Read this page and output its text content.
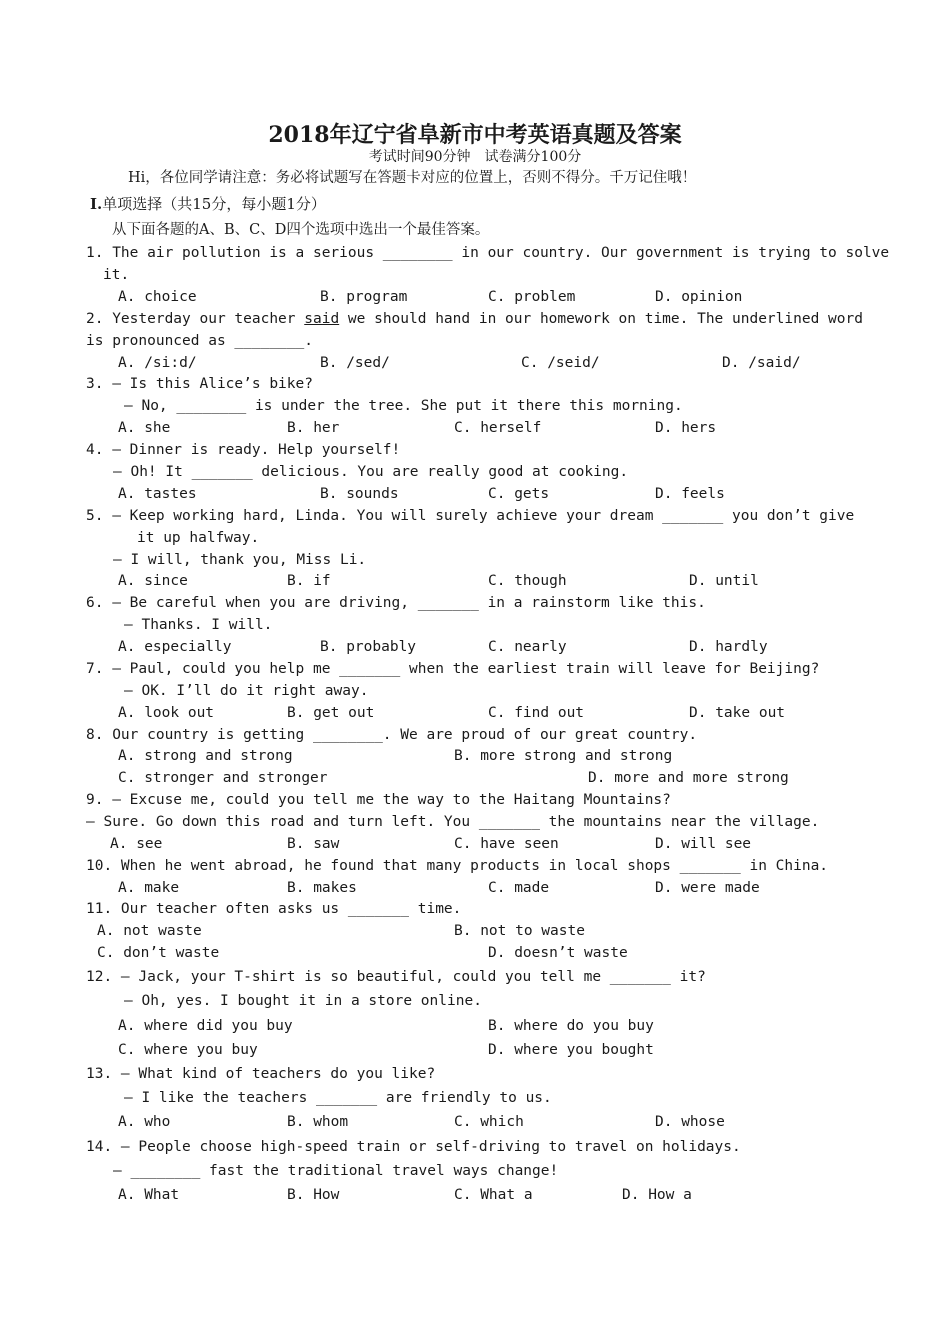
2018年辽宁省阜新市中考英语真题及答案
考试时间90分钟　试卷满分100分
Hi，各位同学请注意：务必将试题写在答题卡对应的位置上，否则不得分。千万记住哦！
Ⅰ.单项选择（共15分，每小题1分）
从下面各题的A、B、C、D四个选项中选出一个最佳答案。
1. The air pollution is a serious ________ in our country. Our government is trying to solve
it.
A. choice	B. program	C. problem	D. opinion
2. Yesterday our teacher said we should hand in our homework on time. The underlined word
is pronounced as ________.
A. /si:d/	B. /sed/	C. /seid/	D. /said/
3. – Is this Alice’s bike?
– No, ________ is under the tree. She put it there this morning.
A. she	B. her	C. herself	D. hers
4. – Dinner is ready. Help yourself!
– Oh! It _______ delicious. You are really good at cooking.
A. tastes	B. sounds	C. gets	D. feels
5. – Keep working hard, Linda. You will surely achieve your dream _______ you don’t give
it up halfway.
– I will, thank you, Miss Li.
A. since	B. if	C. though	D. until
6. – Be careful when you are driving, _______ in a rainstorm like this.
– Thanks. I will.
A. especially	B. probably	C. nearly	D. hardly
7. – Paul, could you help me _______ when the earliest train will leave for Beijing?
– OK. I’ll do it right away.
A. look out	B. get out	C. find out	D. take out
8. Our country is getting ________. We are proud of our great country.
A. strong and strong	B. more strong and strong
C. stronger and stronger	D. more and more strong
9. – Excuse me, could you tell me the way to the Haitang Mountains?
– Sure. Go down this road and turn left. You _______ the mountains near the village.
A. see	B. saw	C. have seen	D. will see
10. When he went abroad, he found that many products in local shops _______ in China.
A. make	B. makes	C. made	D. were made
11. Our teacher often asks us _______ time.
A. not waste	B. not to waste
C. don’t waste	D. doesn’t waste
12. – Jack, your T-shirt is so beautiful, could you tell me _______ it?
– Oh, yes. I bought it in a store online.
A. where did you buy	B. where do you buy
C. where you buy	D. where you bought
13. – What kind of teachers do you like?
– I like the teachers _______ are friendly to us.
A. who	B. whom	C. which	D. whose
14. – People choose high-speed train or self-driving to travel on holidays.
– ________ fast the traditional travel ways change!
A. What	B. How	C. What a	D. How a
